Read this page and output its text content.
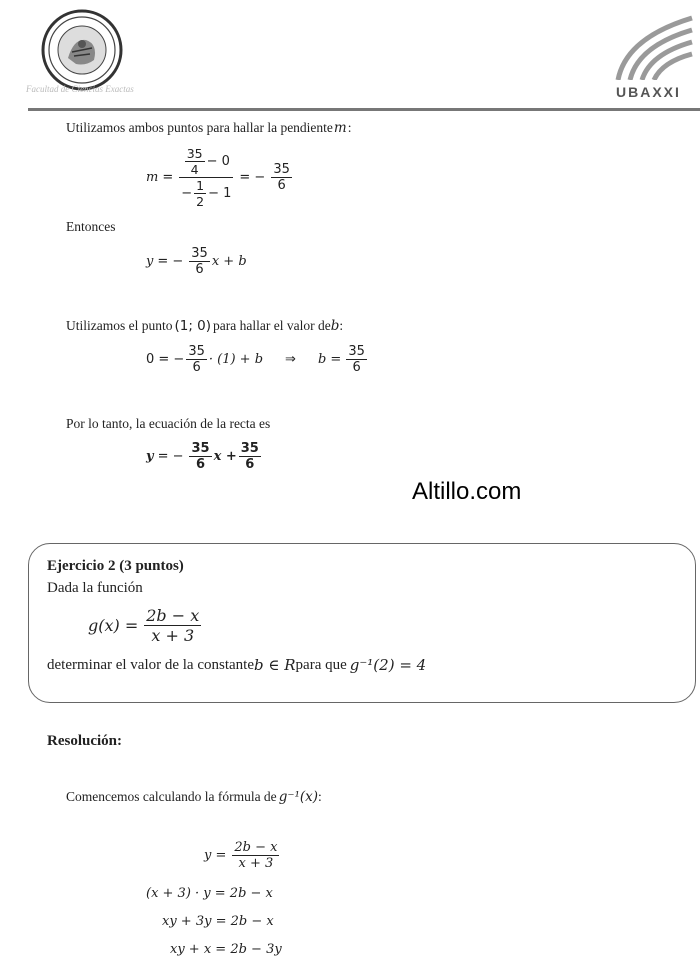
Facultad de Ciencias Exactas	UBAXXI
Utilizamos ambos puntos para hallar la pendiente m :
$m = \frac{\frac{35}{4} - 0}{- \frac{1}{2} - 1}$ = − $\frac{35}{6}$
Entonces
y = − $\frac{35}{6}$ x + b
Utilizamos el punto (1; 0) para hallar el valor de b :
0 = − $\frac{35}{6} \cdot (1) + b$ ⇒ $b = \frac{35}{6}$
Por lo tanto, la ecuación de la recta es
y = − $\frac{35}{6}$ $x + \frac{35}{6}$
Altillo.com
Ejercicio 2 (3 puntos)
Dada la función
$g(x) = \frac{2b - x}{x + 3}$
determinar el valor de la constante b ∈ R para que g⁻¹(2) = 4
Resolución:
Comencemos calculando la fórmula de g⁻¹(x) :
$y = \frac{2b - x}{x + 3}$
(x + 3) · y = 2b − x
xy + 3y = 2b − x
xy + x = 2b − 3y
